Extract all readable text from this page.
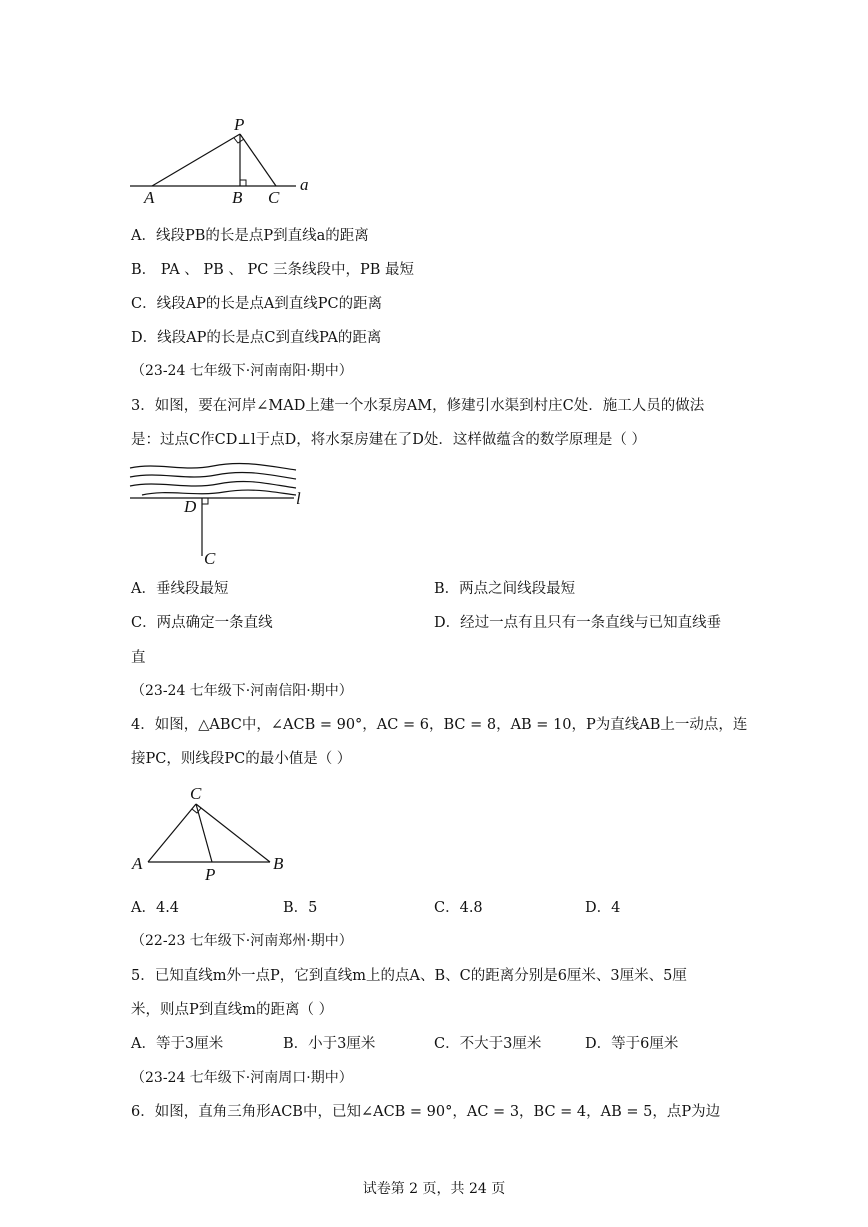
P
A	B C
a
A．线段PB的长是点P到直线a的距离
B． PA 、 PB 、 PC 三条线段中，PB 最短
C．线段AP的长是点A到直线PC的距离
D．线段AP的长是点C到直线PA的距离
（23-24 七年级下·河南南阳·期中）
3．如图，要在河岸∠MAD上建一个水泵房AM，修建引水渠到村庄C处．施工人员的做法
是：过点C作CD⊥l于点D，将水泵房建在了D处．这样做蕴含的数学原理是（ ）
D	l
C
A．垂线段最短	B．两点之间线段最短
C．两点确定一条直线	D．经过一点有且只有一条直线与已知直线垂
直
（23-24 七年级下·河南信阳·期中）
4．如图，△ABC中，∠ACB = 90°，AC = 6，BC = 8，AB = 10，P为直线AB上一动点，连
接PC，则线段PC的最小值是（ ）
C
A	B
P
A．4.4	B．5	C．4.8	D．4
（22-23 七年级下·河南郑州·期中）
5．已知直线m外一点P，它到直线m上的点A、B、C的距离分别是6厘米、3厘米、5厘
米，则点P到直线m的距离（ ）
A．等于3厘米	B．小于3厘米	C．不大于3厘米	D．等于6厘米
（23-24 七年级下·河南周口·期中）
6．如图，直角三角形ACB中，已知∠ACB = 90°，AC = 3，BC = 4，AB = 5，点P为边
试卷第 2 页，共 24 页
